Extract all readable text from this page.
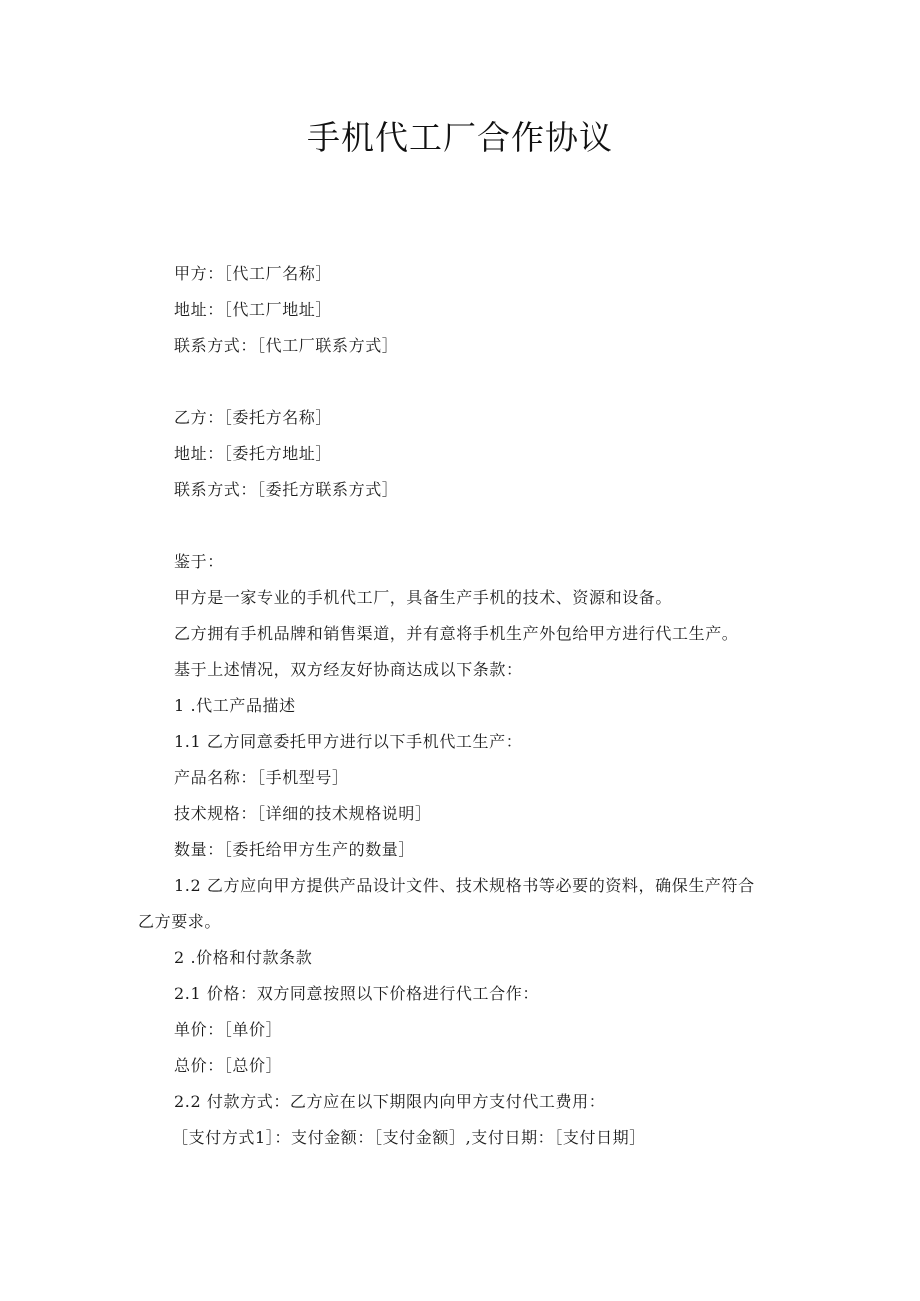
手机代工厂合作协议

甲方：［代工厂名称］

地址：［代工厂地址］

联系方式：［代工厂联系方式］

乙方：［委托方名称］

地址：［委托方地址］

联系方式：［委托方联系方式］

鉴于：

甲方是一家专业的手机代工厂，具备生产手机的技术、资源和设备。

乙方拥有手机品牌和销售渠道，并有意将手机生产外包给甲方进行代工生产。

基于上述情况，双方经友好协商达成以下条款：

1 .代工产品描述

1.1 乙方同意委托甲方进行以下手机代工生产：

产品名称：［手机型号］

技术规格：［详细的技术规格说明］

数量：［委托给甲方生产的数量］

1.2 乙方应向甲方提供产品设计文件、技术规格书等必要的资料，确保生产符合

乙方要求。

2 .价格和付款条款

2.1 价格：双方同意按照以下价格进行代工合作：

单价：［单价］

总价：［总价］

2.2 付款方式：乙方应在以下期限内向甲方支付代工费用：

［支付方式1］：支付金额：［支付金额］,支付日期：［支付日期］
